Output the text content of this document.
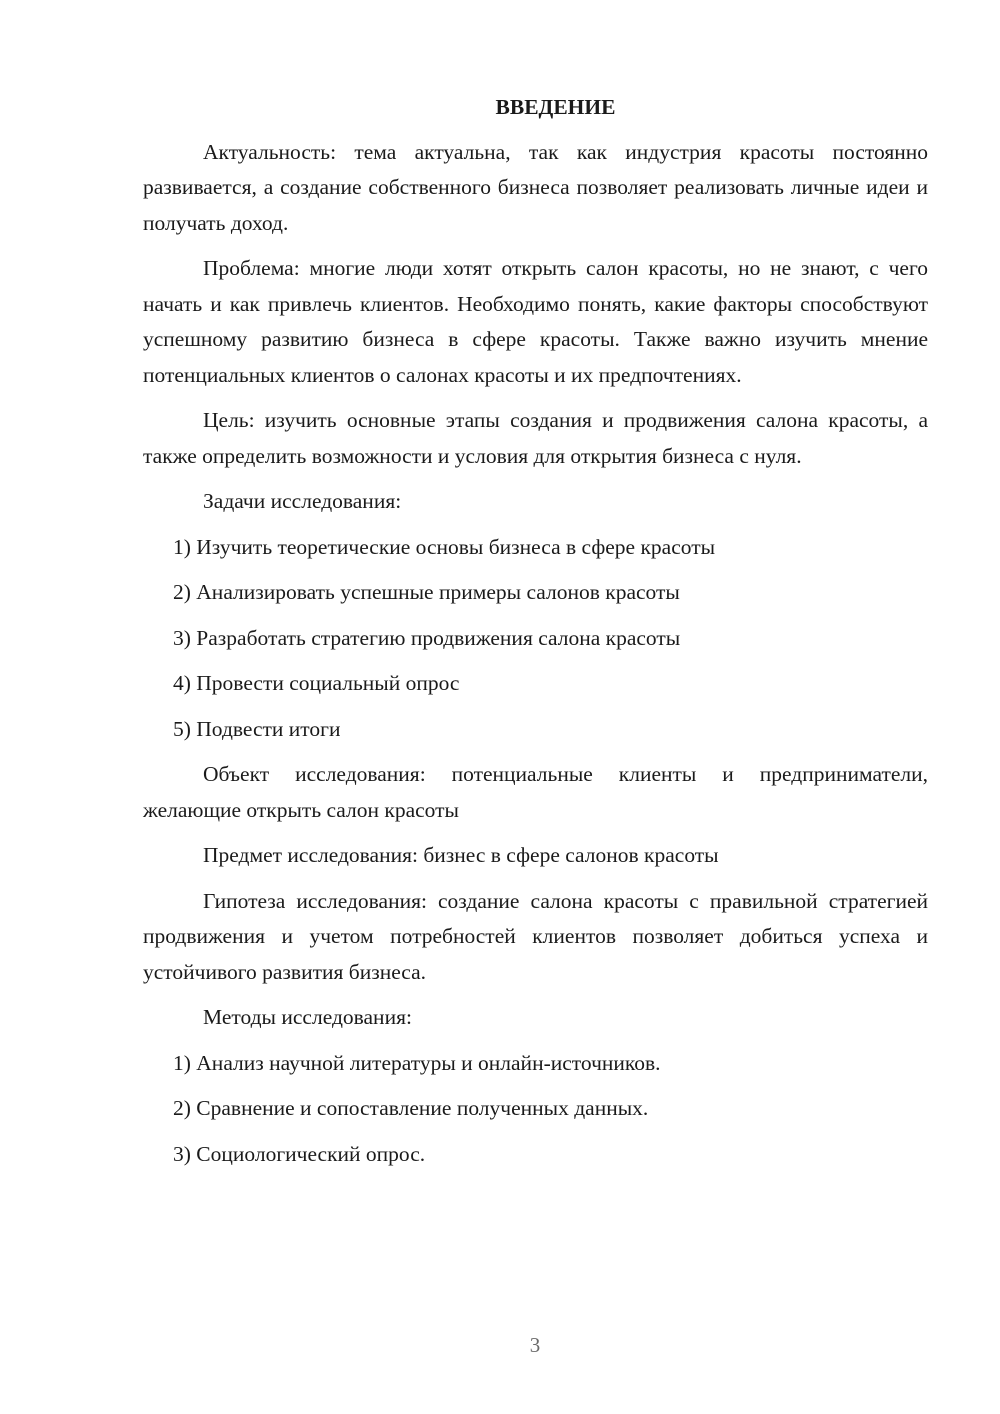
ВВЕДЕНИЕ

Актуальность: тема актуальна, так как индустрия красоты постоянно развивается, а создание собственного бизнеса позволяет реализовать личные идеи и получать доход.

Проблема: многие люди хотят открыть салон красоты, но не знают, с чего начать и как привлечь клиентов. Необходимо понять, какие факторы способствуют успешному развитию бизнеса в сфере красоты. Также важно изучить мнение потенциальных клиентов о салонах красоты и их предпочтениях.

Цель: изучить основные этапы создания и продвижения салона красоты, а также определить возможности и условия для открытия бизнеса с нуля.

Задачи исследования:

1) Изучить теоретические основы бизнеса в сфере красоты

2) Анализировать успешные примеры салонов красоты

3) Разработать стратегию продвижения салона красоты

4) Провести социальный опрос

5) Подвести итоги

Объект исследования: потенциальные клиенты и предприниматели, желающие открыть салон красоты

Предмет исследования: бизнес в сфере салонов красоты

Гипотеза исследования: создание салона красоты с правильной стратегией продвижения и учетом потребностей клиентов позволяет добиться успеха и устойчивого развития бизнеса.

Методы исследования:

1) Анализ научной литературы и онлайн-источников.

2) Сравнение и сопоставление полученных данных.

3) Социологический опрос.

3
